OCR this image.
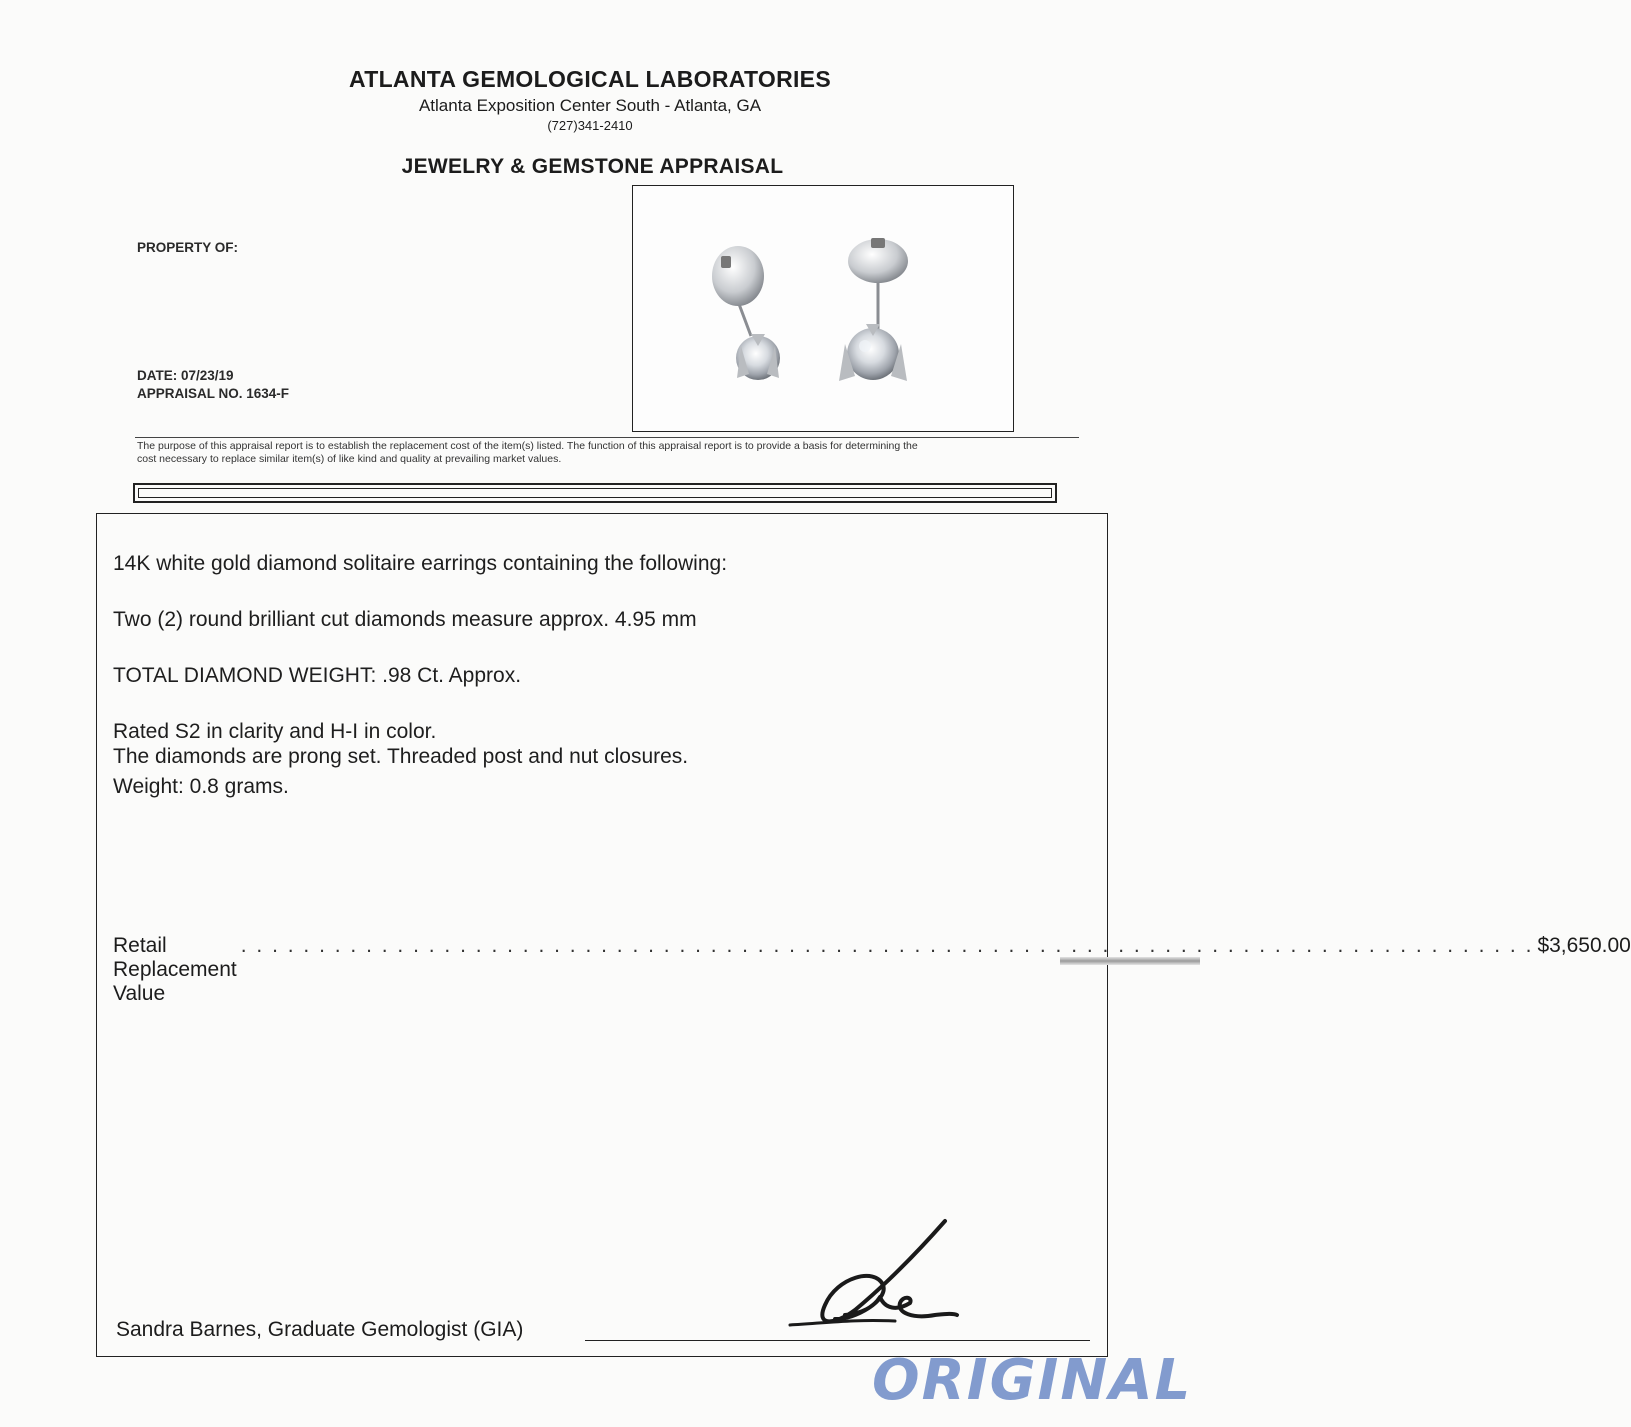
ATLANTA GEMOLOGICAL LABORATORIES
Atlanta Exposition Center South - Atlanta, GA
(727)341-2410
JEWELRY & GEMSTONE APPRAISAL
PROPERTY OF:
DATE: 07/23/19
APPRAISAL NO. 1634-F
The purpose of this appraisal report is to establish the replacement cost of the item(s) listed. The function of this appraisal report is to provide a basis for determining the
cost necessary to replace similar item(s) of like kind and quality at prevailing market values.
14K white gold diamond solitaire earrings containing the following:
Two (2) round brilliant cut diamonds measure approx. 4.95 mm
TOTAL DIAMOND WEIGHT: .98 Ct. Approx.
Rated S2 in clarity and H-I in color.
The diamonds are prong set. Threaded post and nut closures.
Weight: 0.8 grams.
Retail Replacement Value
. . . . . . . . . . . . . . . . . . . . . . . . . . . . . . . . . . . . . . . . . . . . . . . . . . . . . . . . . . . . . . . . . . . . . . . . . . . . . . . . . . . $3,650.00
Sandra Barnes, Graduate Gemologist (GIA)
ORIGINAL
